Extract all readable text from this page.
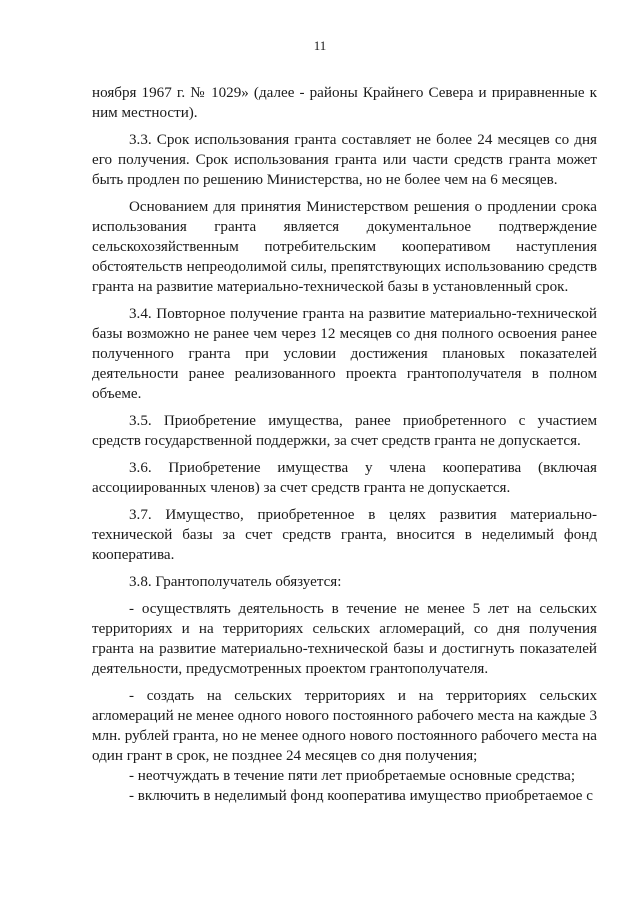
11

ноября 1967 г. № 1029» (далее - районы Крайнего Севера и приравненные к ним местности).

3.3. Срок использования гранта составляет не более 24 месяцев со дня его получения. Срок использования гранта или части средств гранта может быть продлен по решению Министерства, но не более чем на 6 месяцев.

Основанием для принятия Министерством решения о продлении срока использования гранта является документальное подтверждение сельскохозяйственным потребительским кооперативом наступления обстоятельств непреодолимой силы, препятствующих использованию средств гранта на развитие материально-технической базы в установленный срок.

3.4. Повторное получение гранта на развитие материально-технической базы возможно не ранее чем через 12 месяцев со дня полного освоения ранее полученного гранта при условии достижения плановых показателей деятельности ранее реализованного проекта грантополучателя в полном объеме.

3.5. Приобретение имущества, ранее приобретенного с участием средств государственной поддержки, за счет средств гранта не допускается.

3.6. Приобретение имущества у члена кооператива (включая ассоциированных членов) за счет средств гранта не допускается.

3.7. Имущество, приобретенное в целях развития материально-технической базы за счет средств гранта, вносится в неделимый фонд кооператива.

3.8. Грантополучатель обязуется:

- осуществлять деятельность в течение не менее 5 лет на сельских территориях и на территориях сельских агломераций, со дня получения гранта на развитие материально-технической базы и достигнуть показателей деятельности, предусмотренных проектом грантополучателя.

- создать на сельских территориях и на территориях сельских агломераций не менее одного нового постоянного рабочего места на каждые 3 млн. рублей гранта, но не менее одного нового постоянного рабочего места на один грант в срок, не позднее 24 месяцев со дня получения;

- неотчуждать в течение пяти лет приобретаемые основные средства;

- включить в неделимый фонд кооператива имущество приобретаемое с
